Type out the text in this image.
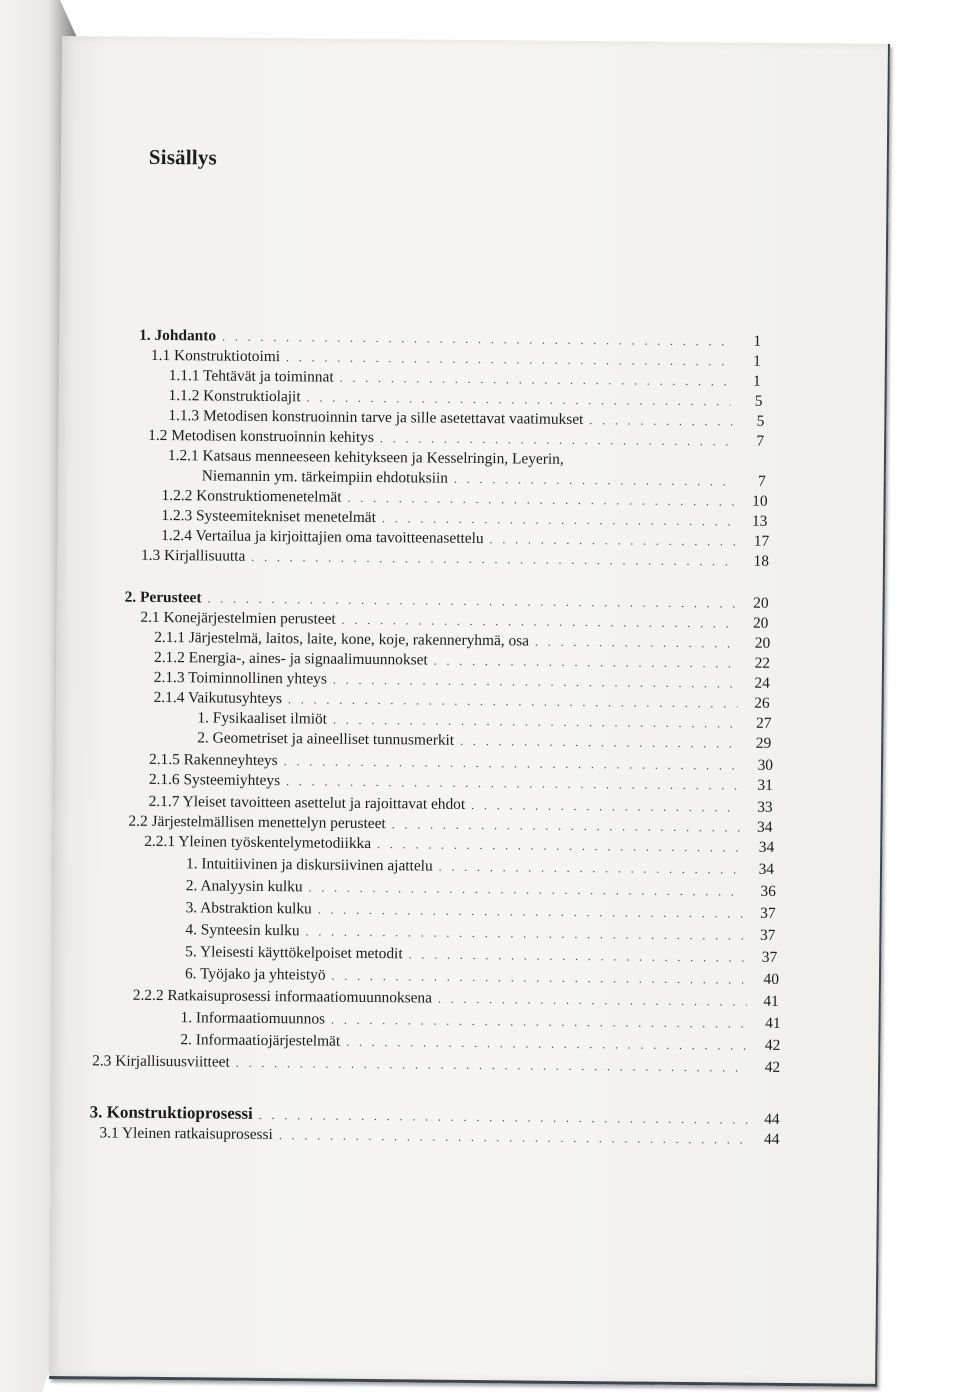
Sisällys
1. Johdanto . . .	1
1.1 Konstruktiotoimi . . .	1
1.1.1 Tehtävät ja toiminnat . . .	1
1.1.2 Konstruktiolajit . . .	5
1.1.3 Metodisen konstruoinnin tarve ja sille asetettavat vaatimukset . . .	5
1.2 Metodisen konstruoinnin kehitys . . .	7
1.2.1 Katsaus menneeseen kehitykseen ja Kesselringin, Leyerin,
Niemannin ym. tärkeimpiin ehdotuksiin . . .	7
1.2.2 Konstruktiomenetelmät . . .	10
1.2.3 Systeemitekniset menetelmät . . .	13
1.2.4 Vertailua ja kirjoittajien oma tavoitteenasettelu . . .	17
1.3 Kirjallisuutta . . .	18
2. Perusteet . . .	20
2.1 Konejärjestelmien perusteet . . .	20
2.1.1 Järjestelmä, laitos, laite, kone, koje, rakenneryhmä, osa . . .	20
2.1.2 Energia-, aines- ja signaalimuunnokset . . .	22
2.1.3 Toiminnollinen yhteys . . .	24
2.1.4 Vaikutusyhteys . . .	26
1. Fysikaaliset ilmiöt . . .	27
2. Geometriset ja aineelliset tunnusmerkit . . .	29
2.1.5 Rakenneyhteys . . .	30
2.1.6 Systeemiyhteys . . .	31
2.1.7 Yleiset tavoitteen asettelut ja rajoittavat ehdot . . .	33
2.2 Järjestelmällisen menettelyn perusteet . . .	34
2.2.1 Yleinen työskentelymetodiikka . . .	34
1. Intuitiivinen ja diskursiivinen ajattelu . . .	34
2. Analyysin kulku . . .	36
3. Abstraktion kulku . . .	37
4. Synteesin kulku . . .	37
5. Yleisesti käyttökelpoiset metodit . . .	37
6. Työjako ja yhteistyö . . .	40
2.2.2 Ratkaisuprosessi informaatiomuunnoksena . . .	41
1. Informaatiomuunnos . . .	41
2. Informaatiojärjestelmät . . .	42
2.3 Kirjallisuusviitteet . . .	42
3. Konstruktioprosessi . . .	44
3.1 Yleinen ratkaisuprosessi . . .	44
